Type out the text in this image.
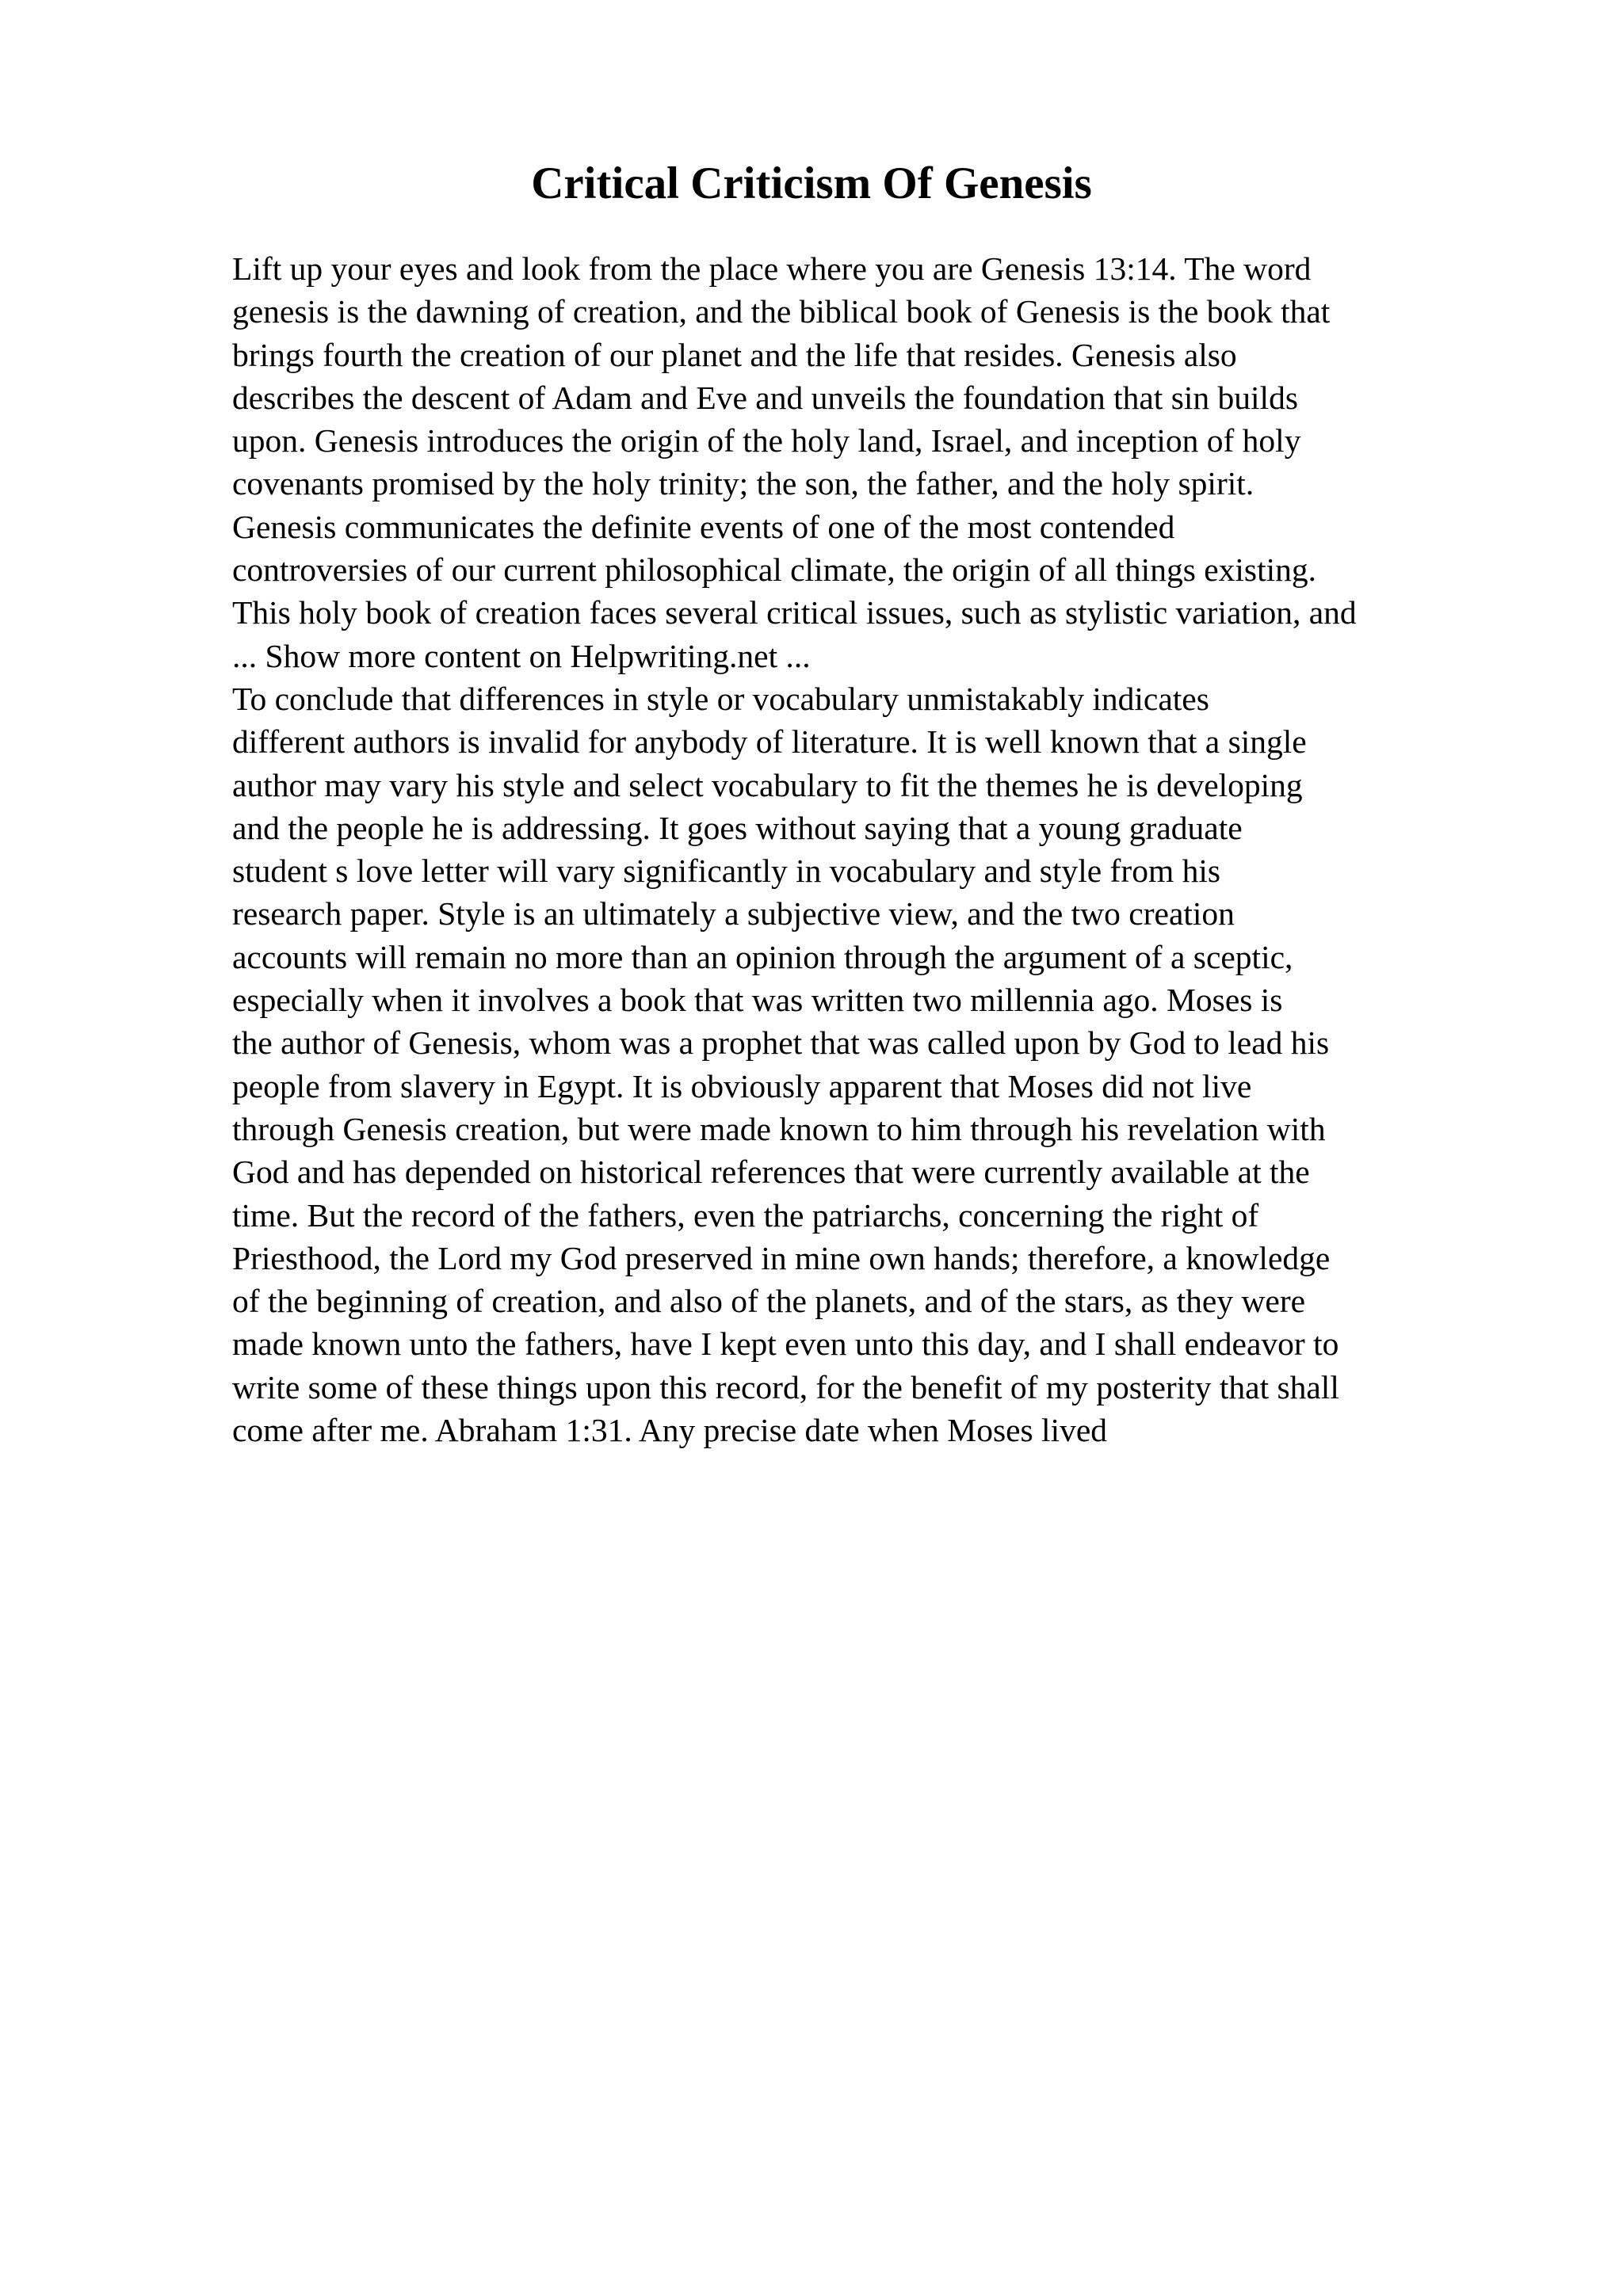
Critical Criticism Of Genesis
Lift up your eyes and look from the place where you are Genesis 13:14. The word
genesis is the dawning of creation, and the biblical book of Genesis is the book that
brings fourth the creation of our planet and the life that resides. Genesis also
describes the descent of Adam and Eve and unveils the foundation that sin builds
upon. Genesis introduces the origin of the holy land, Israel, and inception of holy
covenants promised by the holy trinity; the son, the father, and the holy spirit.
Genesis communicates the definite events of one of the most contended
controversies of our current philosophical climate, the origin of all things existing.
This holy book of creation faces several critical issues, such as stylistic variation, and
... Show more content on Helpwriting.net ...
To conclude that differences in style or vocabulary unmistakably indicates
different authors is invalid for anybody of literature. It is well known that a single
author may vary his style and select vocabulary to fit the themes he is developing
and the people he is addressing. It goes without saying that a young graduate
student s love letter will vary significantly in vocabulary and style from his
research paper. Style is an ultimately a subjective view, and the two creation
accounts will remain no more than an opinion through the argument of a sceptic,
especially when it involves a book that was written two millennia ago. Moses is
the author of Genesis, whom was a prophet that was called upon by God to lead his
people from slavery in Egypt. It is obviously apparent that Moses did not live
through Genesis creation, but were made known to him through his revelation with
God and has depended on historical references that were currently available at the
time. But the record of the fathers, even the patriarchs, concerning the right of
Priesthood, the Lord my God preserved in mine own hands; therefore, a knowledge
of the beginning of creation, and also of the planets, and of the stars, as they were
made known unto the fathers, have I kept even unto this day, and I shall endeavor to
write some of these things upon this record, for the benefit of my posterity that shall
come after me. Abraham 1:31. Any precise date when Moses lived
